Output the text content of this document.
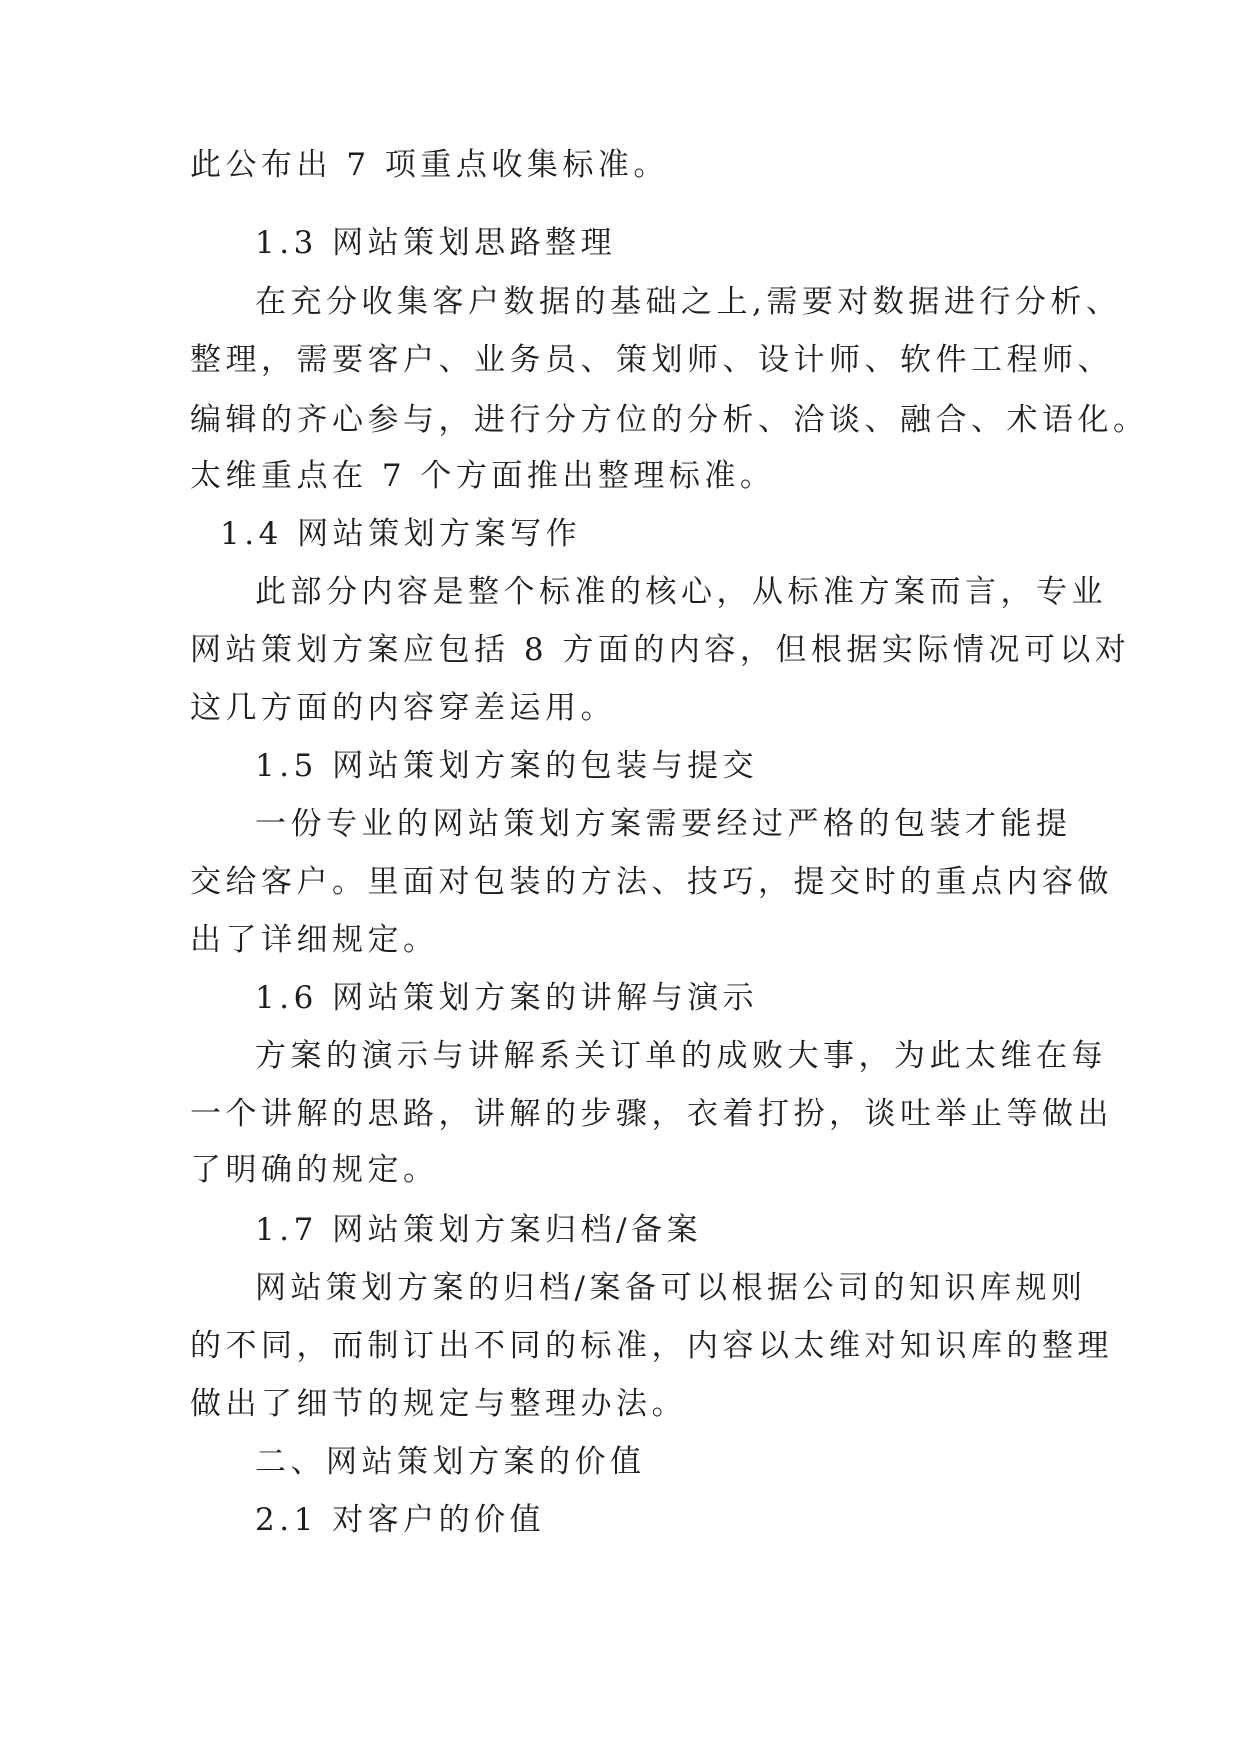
此公布出 7 项重点收集标准。
1.3 网站策划思路整理
在充分收集客户数据的基础之上,需要对数据进行分析、
整理，需要客户、业务员、策划师、设计师、软件工程师、
编辑的齐心参与，进行分方位的分析、洽谈、融合、术语化。
太维重点在 7 个方面推出整理标准。
1.4 网站策划方案写作
此部分内容是整个标准的核心，从标准方案而言，专业
网站策划方案应包括 8 方面的内容，但根据实际情况可以对
这几方面的内容穿差运用。
1.5 网站策划方案的包装与提交
一份专业的网站策划方案需要经过严格的包装才能提
交给客户。里面对包装的方法、技巧，提交时的重点内容做
出了详细规定。
1.6 网站策划方案的讲解与演示
方案的演示与讲解系关订单的成败大事，为此太维在每
一个讲解的思路，讲解的步骤，衣着打扮，谈吐举止等做出
了明确的规定。
1.7 网站策划方案归档/备案
网站策划方案的归档/案备可以根据公司的知识库规则
的不同，而制订出不同的标准，内容以太维对知识库的整理
做出了细节的规定与整理办法。
二、网站策划方案的价值
2.1 对客户的价值
